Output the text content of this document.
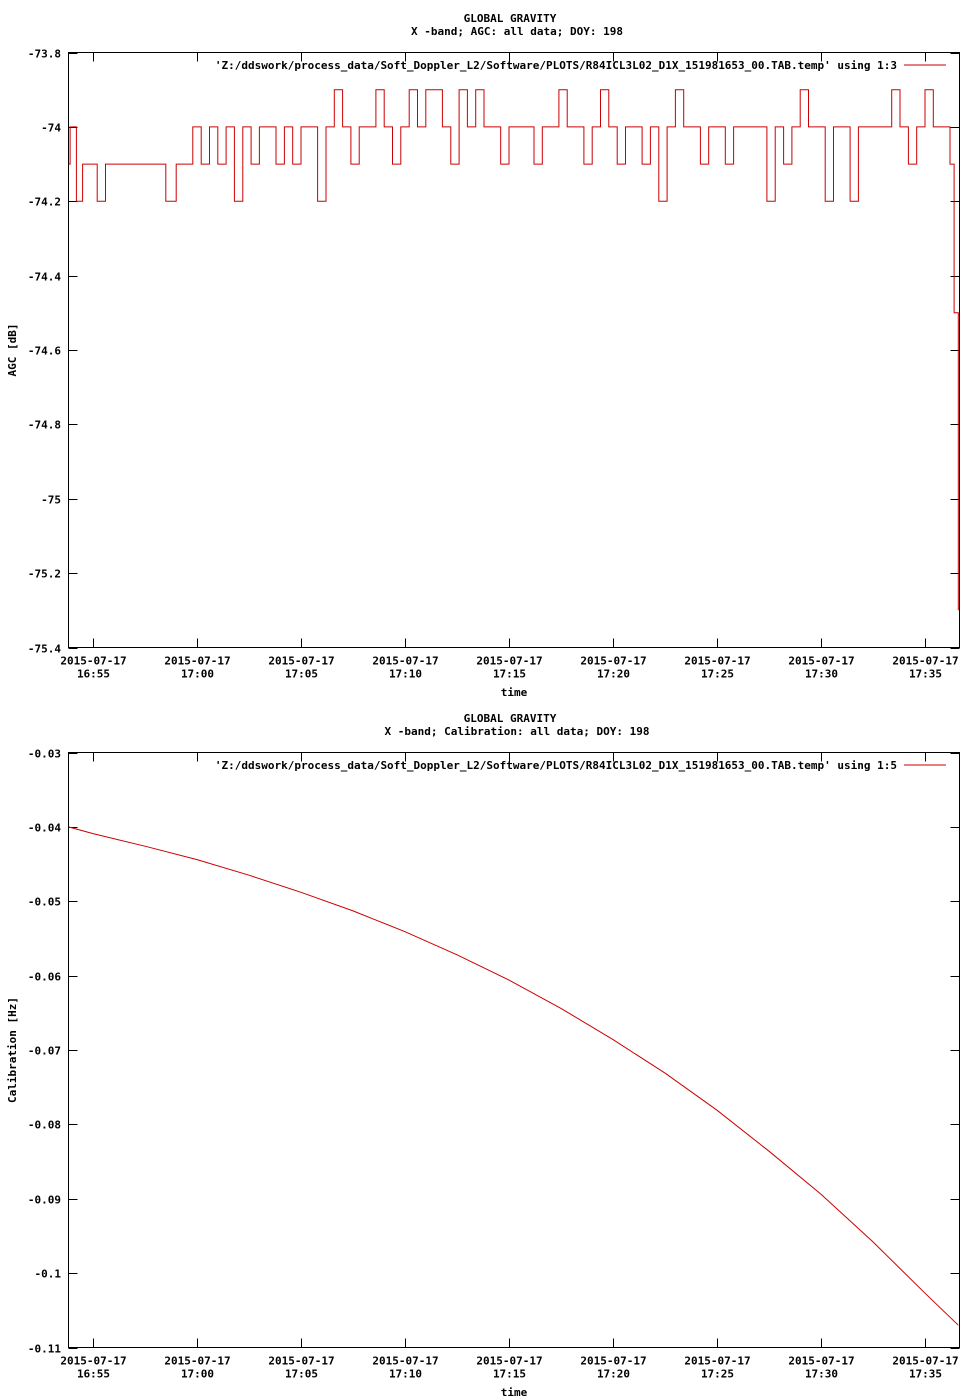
GLOBAL GRAVITY
X -band; AGC: all data; DOY: 198
-73.8
-74
-74.2
-74.4
-74.6
-74.8
-75
-75.2
-75.4
2015-07-17
16:55
2015-07-17
17:00
2015-07-17
17:05
2015-07-17
17:10
2015-07-17
17:15
2015-07-17
17:20
2015-07-17
17:25
2015-07-17
17:30
2015-07-17
17:35
time
AGC [dB]
'Z:/ddswork/process_data/Soft_Doppler_L2/Software/PLOTS/R84ICL3L02_D1X_151981653_00.TAB.temp' using 1:3
GLOBAL GRAVITY
X -band; Calibration: all data; DOY: 198
-0.03
-0.04
-0.05
-0.06
-0.07
-0.08
-0.09
-0.1
-0.11
2015-07-17
16:55
2015-07-17
17:00
2015-07-17
17:05
2015-07-17
17:10
2015-07-17
17:15
2015-07-17
17:20
2015-07-17
17:25
2015-07-17
17:30
2015-07-17
17:35
time
Calibration [Hz]
'Z:/ddswork/process_data/Soft_Doppler_L2/Software/PLOTS/R84ICL3L02_D1X_151981653_00.TAB.temp' using 1:5
